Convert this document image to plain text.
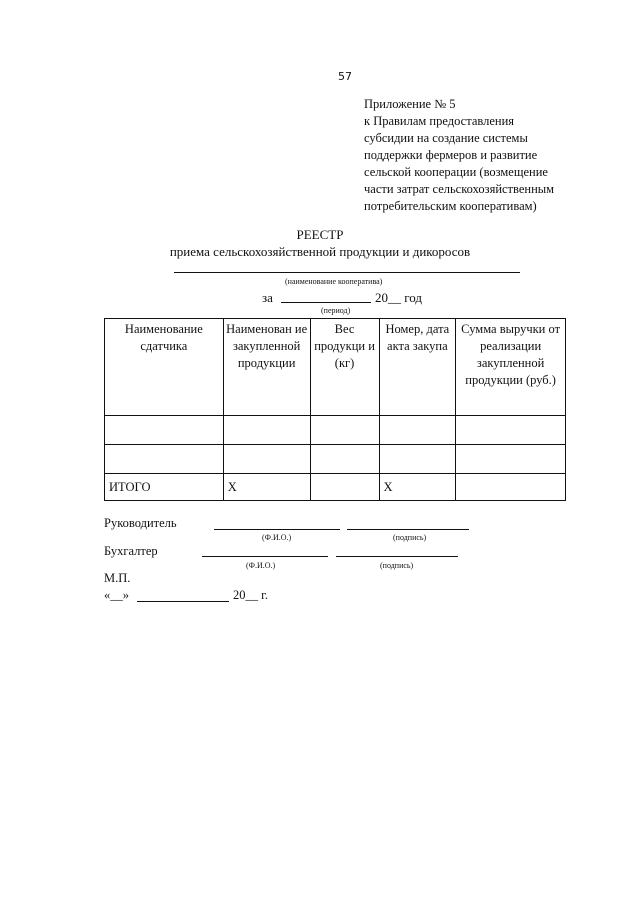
57
Приложение № 5
к Правилам предоставления
субсидии на создание системы
поддержки фермеров и развитие
сельской кооперации (возмещение
части затрат сельскохозяйственным
потребительским кооперативам)
РЕЕСТР
приема сельскохозяйственной продукции и дикоросов
(наименование кооператива)
за	20__ год
(период)
Наименование сдатчика	Наименован ие закупленной продукции	Вес продукци и (кг)	Номер, дата акта закупа	Сумма выручки от реализации закупленной продукции (руб.)

ИТОГО	X		X	
Руководитель
(Ф.И.О.)	(подпись)
Бухгалтер
(Ф.И.О.)	(подпись)
М.П.
«__»	20__ г.
